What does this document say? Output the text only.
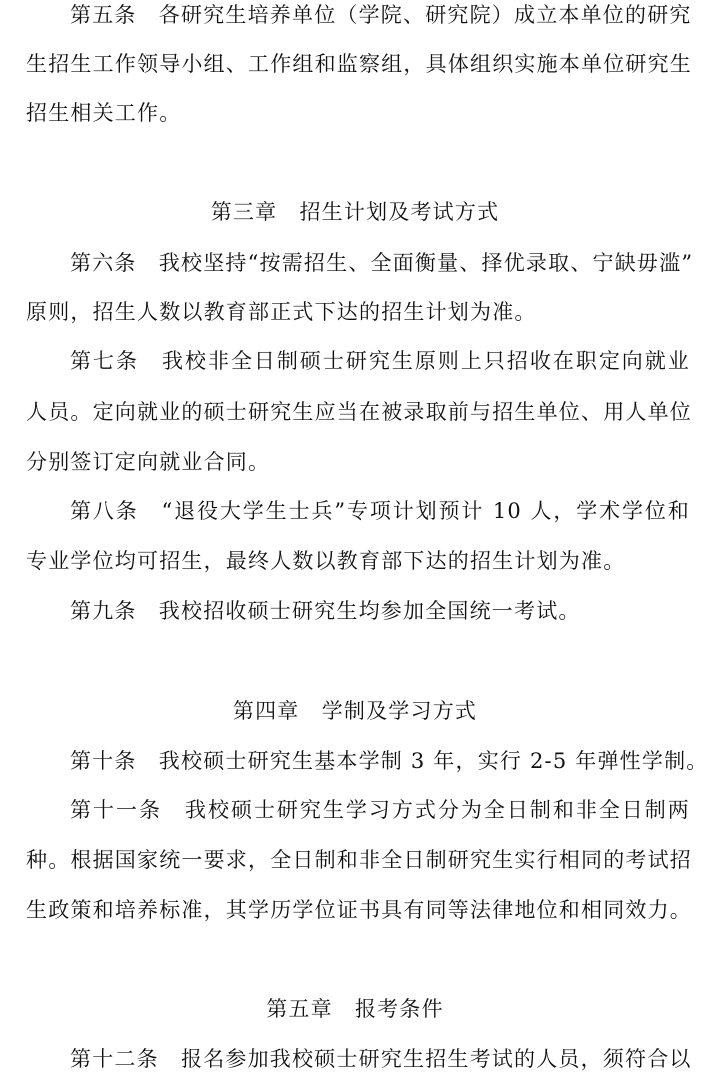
第五条　各研究生培养单位（学院、研究院）成立本单位的研究
生招生工作领导小组、工作组和监察组，具体组织实施本单位研究生
招生相关工作。
第三章　招生计划及考试方式
第六条　我校坚持“按需招生、全面衡量、择优录取、宁缺毋滥”
原则，招生人数以教育部正式下达的招生计划为准。
第七条　我校非全日制硕士研究生原则上只招收在职定向就业
人员。定向就业的硕士研究生应当在被录取前与招生单位、用人单位
分别签订定向就业合同。
第八条　“退役大学生士兵”专项计划预计 10 人，学术学位和
专业学位均可招生，最终人数以教育部下达的招生计划为准。
第九条　我校招收硕士研究生均参加全国统一考试。
第四章　学制及学习方式
第十条　我校硕士研究生基本学制 3 年，实行 2-5 年弹性学制。
第十一条　我校硕士研究生学习方式分为全日制和非全日制两
种。根据国家统一要求，全日制和非全日制研究生实行相同的考试招
生政策和培养标准，其学历学位证书具有同等法律地位和相同效力。
第五章　报考条件
第十二条　报名参加我校硕士研究生招生考试的人员，须符合以
